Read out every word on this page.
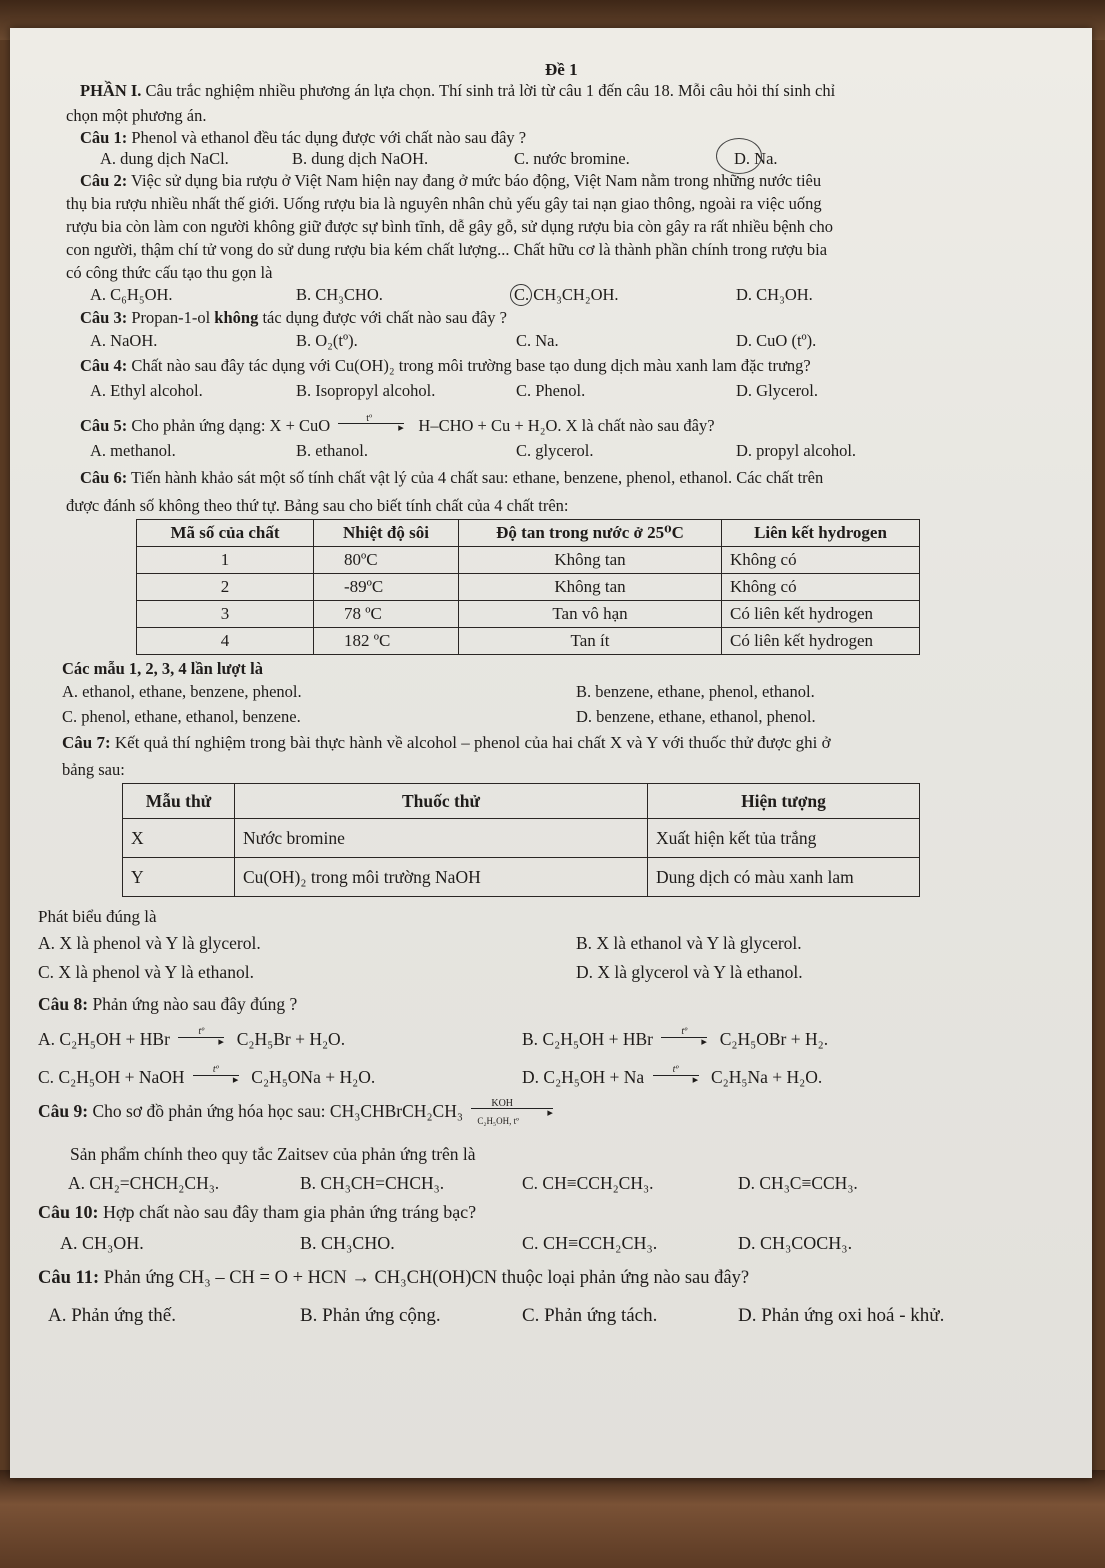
Đề 1
PHẦN I. Câu trắc nghiệm nhiều phương án lựa chọn. Thí sinh trả lời từ câu 1 đến câu 18. Mỗi câu hỏi thí sinh chỉ
chọn một phương án.
Câu 1: Phenol và ethanol đều tác dụng được với chất nào sau đây ?
A. dung dịch NaCl.	B. dung dịch NaOH.	C. nước bromine.	D. Na.
Câu 2: Việc sử dụng bia rượu ở Việt Nam hiện nay đang ở mức báo động, Việt Nam nằm trong những nước tiêu
thụ bia rượu nhiều nhất thế giới. Uống rượu bia là nguyên nhân chủ yếu gây tai nạn giao thông, ngoài ra việc uống
rượu bia còn làm con người không giữ được sự bình tĩnh, dễ gây gỗ, sử dụng rượu bia còn gây ra rất nhiều bệnh cho
con người, thậm chí tử vong do sử dung rượu bia kém chất lượng... Chất hữu cơ là thành phần chính trong rượu bia
có công thức cấu tạo thu gọn là
A. C₆H₅OH.	B. CH₃CHO.	C. CH₃CH₂OH.	D. CH₃OH.
Câu 3: Propan-1-ol không tác dụng được với chất nào sau đây ?
A. NaOH.	B. O₂(tº).	C. Na.	D. CuO (tº).
Câu 4: Chất nào sau đây tác dụng với Cu(OH)₂ trong môi trường base tạo dung dịch màu xanh lam đặc trưng?
A. Ethyl alcohol.	B. Isopropyl alcohol.	C. Phenol.	D. Glycerol.
Câu 5: Cho phản ứng dạng: X + CuO	tº
▸ H–CHO + Cu + H₂O. X là chất nào sau đây?
A. methanol.	B. ethanol.	C. glycerol.	D. propyl alcohol.
Câu 6: Tiến hành khảo sát một số tính chất vật lý của 4 chất sau: ethane, benzene, phenol, ethanol. Các chất trên
được đánh số không theo thứ tự. Bảng sau cho biết tính chất của 4 chất trên:
Mã số của chất	Nhiệt độ sôi	Độ tan trong nước ở 25⁰C	Liên kết hydrogen
1	80ºC	Không tan	Không có
2	-89ºC	Không tan	Không có
3	78 ºC	Tan vô hạn	Có liên kết hydrogen
4	182 ºC	Tan ít	Có liên kết hydrogen
Các mẫu 1, 2, 3, 4 lần lượt là
A. ethanol, ethane, benzene, phenol.	B. benzene, ethane, phenol, ethanol.
C. phenol, ethane, ethanol, benzene.	D. benzene, ethane, ethanol, phenol.
Câu 7: Kết quả thí nghiệm trong bài thực hành về alcohol – phenol của hai chất X và Y với thuốc thử được ghi ở
bảng sau:
Mẫu thử	Thuốc thử	Hiện tượng
X	Nước bromine	Xuất hiện kết tủa trắng
Y	Cu(OH)₂ trong môi trường NaOH	Dung dịch có màu xanh lam
Phát biểu đúng là
A. X là phenol và Y là glycerol.	B. X là ethanol và Y là glycerol.
C. X là phenol và Y là ethanol.	D. X là glycerol và Y là ethanol.
Câu 8: Phản ứng nào sau đây đúng ?
A. C₂H₅OH + HBr	tº
▸ C₂H₅Br + H₂O.	B. C₂H₅OH + HBr	tº
▸ C₂H₅OBr + H₂.
C. C₂H₅OH + NaOH	tº
▸ C₂H₅ONa + H₂O.	D. C₂H₅OH + Na	tº
▸ C₂H₅Na + H₂O.
Câu 9: Cho sơ đồ phản ứng hóa học sau: CH₃CHBrCH₂CH₃	KOH
▸
C₂H₅OH, tº
Sản phẩm chính theo quy tắc Zaitsev của phản ứng trên là
A. CH₂=CHCH₂CH₃.	B. CH₃CH=CHCH₃.	C. CH≡CCH₂CH₃.	D. CH₃C≡CCH₃.
Câu 10: Hợp chất nào sau đây tham gia phản ứng tráng bạc?
A. CH₃OH.	B. CH₃CHO.	C. CH≡CCH₂CH₃.	D. CH₃COCH₃.
Câu 11: Phản ứng CH₃ – CH = O + HCN → CH₃CH(OH)CN thuộc loại phản ứng nào sau đây?
A. Phản ứng thế.	B. Phản ứng cộng.	C. Phản ứng tách.	D. Phản ứng oxi hoá - khử.
